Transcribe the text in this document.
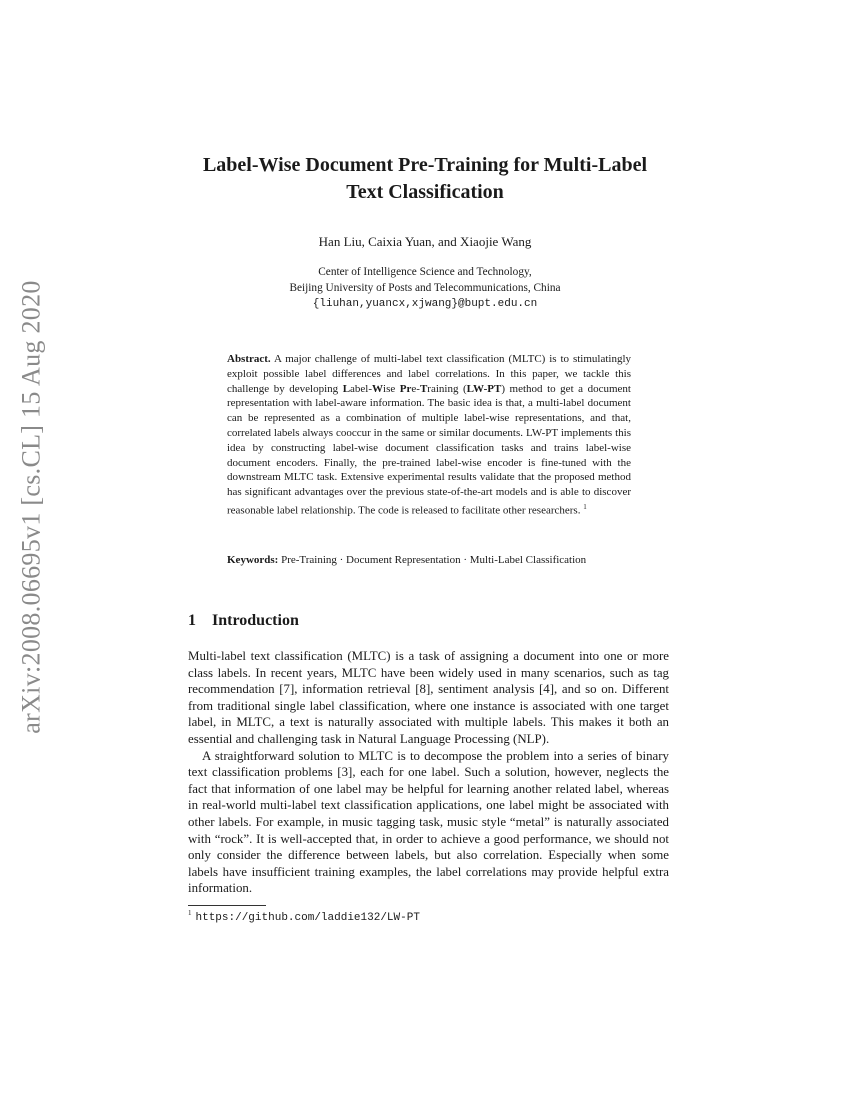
arXiv:2008.06695v1 [cs.CL] 15 Aug 2020
Label-Wise Document Pre-Training for Multi-Label
Text Classification
Han Liu, Caixia Yuan, and Xiaojie Wang
Center of Intelligence Science and Technology,
Beijing University of Posts and Telecommunications, China
{liuhan,yuancx,xjwang}@bupt.edu.cn
Abstract. A major challenge of multi-label text classification (MLTC) is to stimulatingly exploit possible label differences and label correlations. In this paper, we tackle this challenge by developing Label-Wise Pre-Training (LW-PT) method to get a document representation with label-aware information. The basic idea is that, a multi-label document can be represented as a combination of multiple label-wise representations, and that, correlated labels always cooccur in the same or similar documents. LW-PT implements this idea by constructing label-wise document classification tasks and trains label-wise document encoders. Finally, the pre-trained label-wise encoder is fine-tuned with the downstream MLTC task. Extensive experimental results validate that the proposed method has significant advantages over the previous state-of-the-art models and is able to discover reasonable label relationship. The code is released to facilitate other researchers. $^1$
Keywords: Pre-Training · Document Representation · Multi-Label Classification
1 Introduction

Multi-label text classification (MLTC) is a task of assigning a document into one or more class labels. In recent years, MLTC have been widely used in many scenarios, such as tag recommendation [7], information retrieval [8], sentiment analysis [4], and so on. Different from traditional single label classification, where one instance is associated with one target label, in MLTC, a text is naturally associated with multiple labels. This makes it both an essential and challenging task in Natural Language Processing (NLP).

A straightforward solution to MLTC is to decompose the problem into a series of binary text classification problems [3], each for one label. Such a solution, however, neglects the fact that information of one label may be helpful for learning another related label, whereas in real-world multi-label text classification applications, one label might be associated with other labels. For example, in music tagging task, music style “metal” is naturally associated with “rock”. It is well-accepted that, in order to achieve a good performance, we should not only consider the difference between labels, but also correlation. Especially when some labels have insufficient training examples, the label correlations may provide helpful extra information.

$^1$ https://github.com/laddie132/LW-PT
